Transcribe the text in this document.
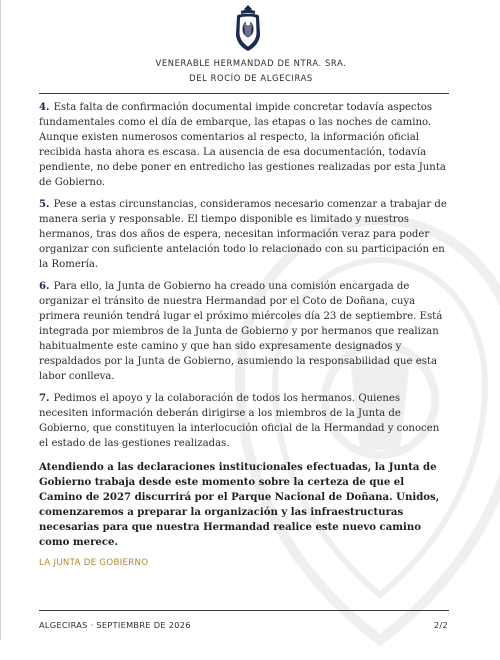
VENERABLE HERMANDAD DE NTRA. SRA.
DEL ROCÍO DE ALGECIRAS

4. Esta falta de confirmación documental impide concretar todavía aspectos fundamentales como el día de embarque, las etapas o las noches de camino. Aunque existen numerosos comentarios al respecto, la información oficial recibida hasta ahora es escasa. La ausencia de esa documentación, todavía pendiente, no debe poner en entredicho las gestiones realizadas por esta Junta de Gobierno.

5. Pese a estas circunstancias, consideramos necesario comenzar a trabajar de manera seria y responsable. El tiempo disponible es limitado y nuestros hermanos, tras dos años de espera, necesitan información veraz para poder organizar con suficiente antelación todo lo relacionado con su participación en la Romería.

6. Para ello, la Junta de Gobierno ha creado una comisión encargada de organizar el tránsito de nuestra Hermandad por el Coto de Doñana, cuya primera reunión tendrá lugar el próximo miércoles día 23 de septiembre. Está integrada por miembros de la Junta de Gobierno y por hermanos que realizan habitualmente este camino y que han sido expresamente designados y respaldados por la Junta de Gobierno, asumiendo la responsabilidad que esta labor conlleva.

7. Pedimos el apoyo y la colaboración de todos los hermanos. Quienes necesiten información deberán dirigirse a los miembros de la Junta de Gobierno, que constituyen la interlocución oficial de la Hermandad y conocen el estado de las gestiones realizadas.

Atendiendo a las declaraciones institucionales efectuadas, la Junta de Gobierno trabaja desde este momento sobre la certeza de que el Camino de 2027 discurrirá por el Parque Nacional de Doñana. Unidos, comenzaremos a preparar la organización y las infraestructuras necesarias para que nuestra Hermandad realice este nuevo camino como merece.

LA JUNTA DE GOBIERNO
ALGECIRAS · SEPTIEMBRE DE 2026	2/2
